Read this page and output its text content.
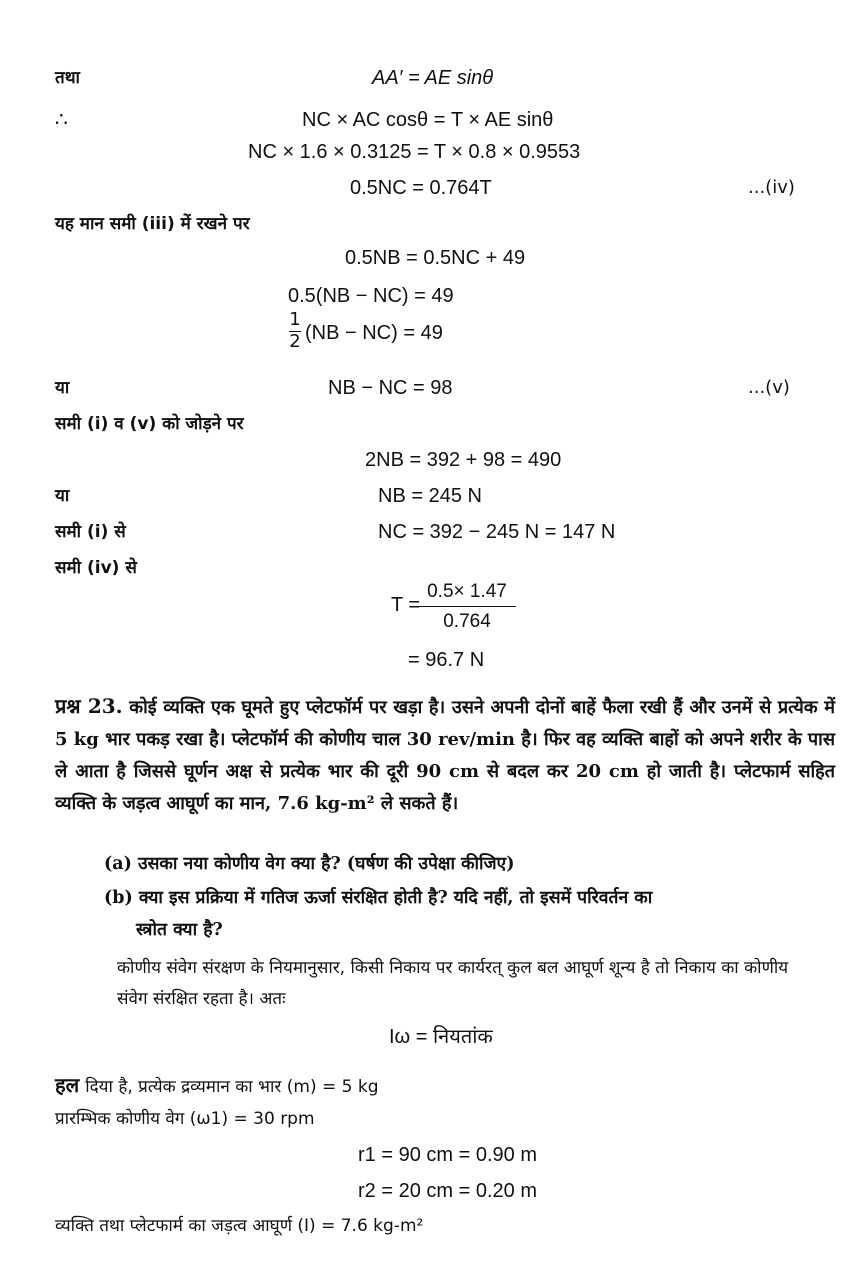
तथा	AA′ = AE sinθ
∴	NC × AC cosθ = T × AE sinθ
NC × 1.6 × 0.3125 = T × 0.8 × 0.9553
0.5NC = 0.764T	...(iv)
यह मान समी (iii) में रखने पर
0.5NB = 0.5NC + 49
0.5(NB − NC) = 49
1
2 (NB − NC) = 49
या	NB − NC = 98	...(v)
समी (i) व (v) को जोड़ने पर
2NB = 392 + 98 = 490
या	NB = 245 N
समी (i) से	NC = 392 − 245 N = 147 N
समी (iv) से
T =
0.5× 1.47
0.764
= 96.7 N
प्रश्न 23. कोई व्यक्ति एक घूमते हुए प्लेटफॉर्म पर खड़ा है। उसने अपनी दोनों बाहें फैला रखी हैं और उनमें से प्रत्येक में 5 kg भार पकड़ रखा है। प्लेटफॉर्म की कोणीय चाल 30 rev/min है। फिर वह व्यक्ति बाहों को अपने शरीर के पास ले आता है जिससे घूर्णन अक्ष से प्रत्येक भार की दूरी 90 cm से बदल कर 20 cm हो जाती है। प्लेटफार्म सहित व्यक्ति के जड़त्व आघूर्ण का मान, 7.6 kg-m² ले सकते हैं।
(a) उसका नया कोणीय वेग क्या है? (घर्षण की उपेक्षा कीजिए)
(b) क्या इस प्रक्रिया में गतिज ऊर्जा संरक्षित होती है? यदि नहीं, तो इसमें परिवर्तन का
स्त्रोत क्या है?
कोणीय संवेग संरक्षण के नियमानुसार, किसी निकाय पर कार्यरत् कुल बल आघूर्ण शून्य है तो निकाय का कोणीय संवेग संरक्षित रहता है। अतः
Iω = नियतांक
हल दिया है, प्रत्येक द्रव्यमान का भार (m) = 5 kg
प्रारम्भिक कोणीय वेग (ω1) = 30 rpm
r1 = 90 cm = 0.90 m
r2 = 20 cm = 0.20 m
व्यक्ति तथा प्लेटफार्म का जड़त्व आघूर्ण (I) = 7.6 kg-m²
